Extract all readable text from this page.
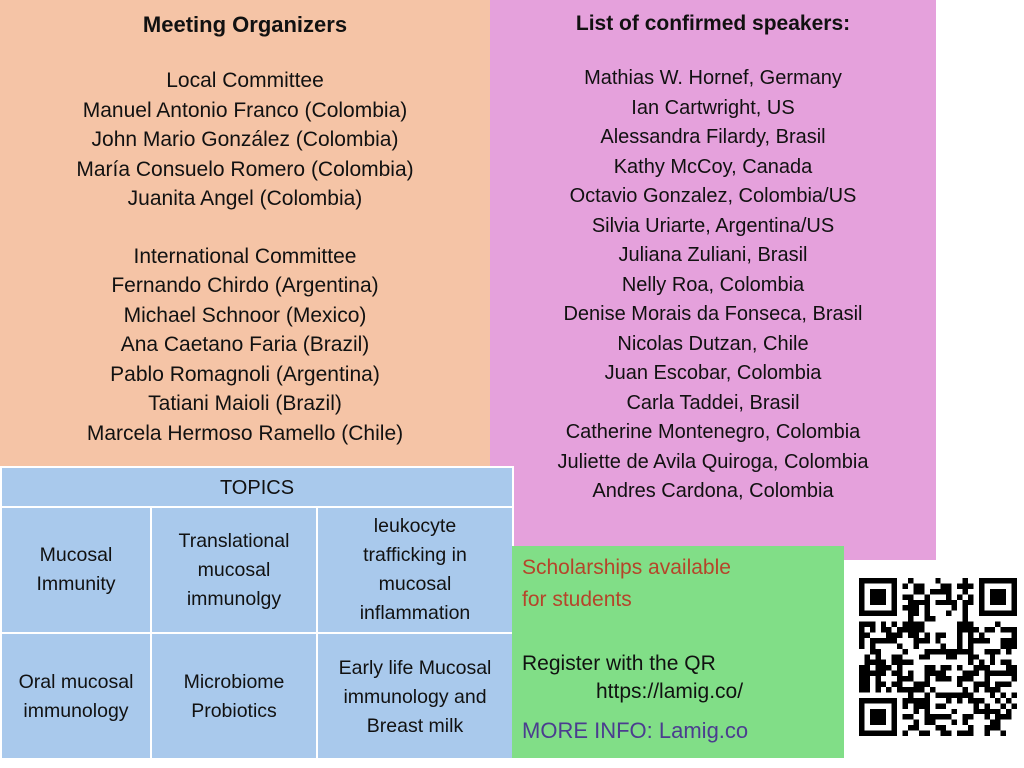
Meeting Organizers
Local Committee
Manuel Antonio Franco (Colombia)
John Mario González (Colombia)
María Consuelo Romero (Colombia)
Juanita Angel (Colombia)
International Committee
Fernando Chirdo (Argentina)
Michael Schnoor (Mexico)
Ana Caetano Faria (Brazil)
Pablo Romagnoli (Argentina)
Tatiani Maioli (Brazil)
Marcela Hermoso Ramello (Chile)
List of confirmed speakers:
Mathias W. Hornef, Germany
Ian Cartwright, US
Alessandra Filardy, Brasil
Kathy McCoy, Canada
Octavio Gonzalez, Colombia/US
Silvia Uriarte, Argentina/US
Juliana Zuliani, Brasil
Nelly Roa, Colombia
Denise Morais da Fonseca, Brasil
Nicolas Dutzan, Chile
Juan Escobar, Colombia
Carla Taddei, Brasil
Catherine Montenegro, Colombia
Juliette de Avila Quiroga, Colombia
Andres Cardona, Colombia
TOPICS
Mucosal
Immunity
Translational
mucosal
immunolgy
leukocyte
trafficking in
mucosal
inflammation
Oral mucosal
immunology
Microbiome
Probiotics
Early life Mucosal
immunology and
Breast milk
Scholarships available
for students
Register with the QR
https://lamig.co/
MORE INFO: Lamig.co
